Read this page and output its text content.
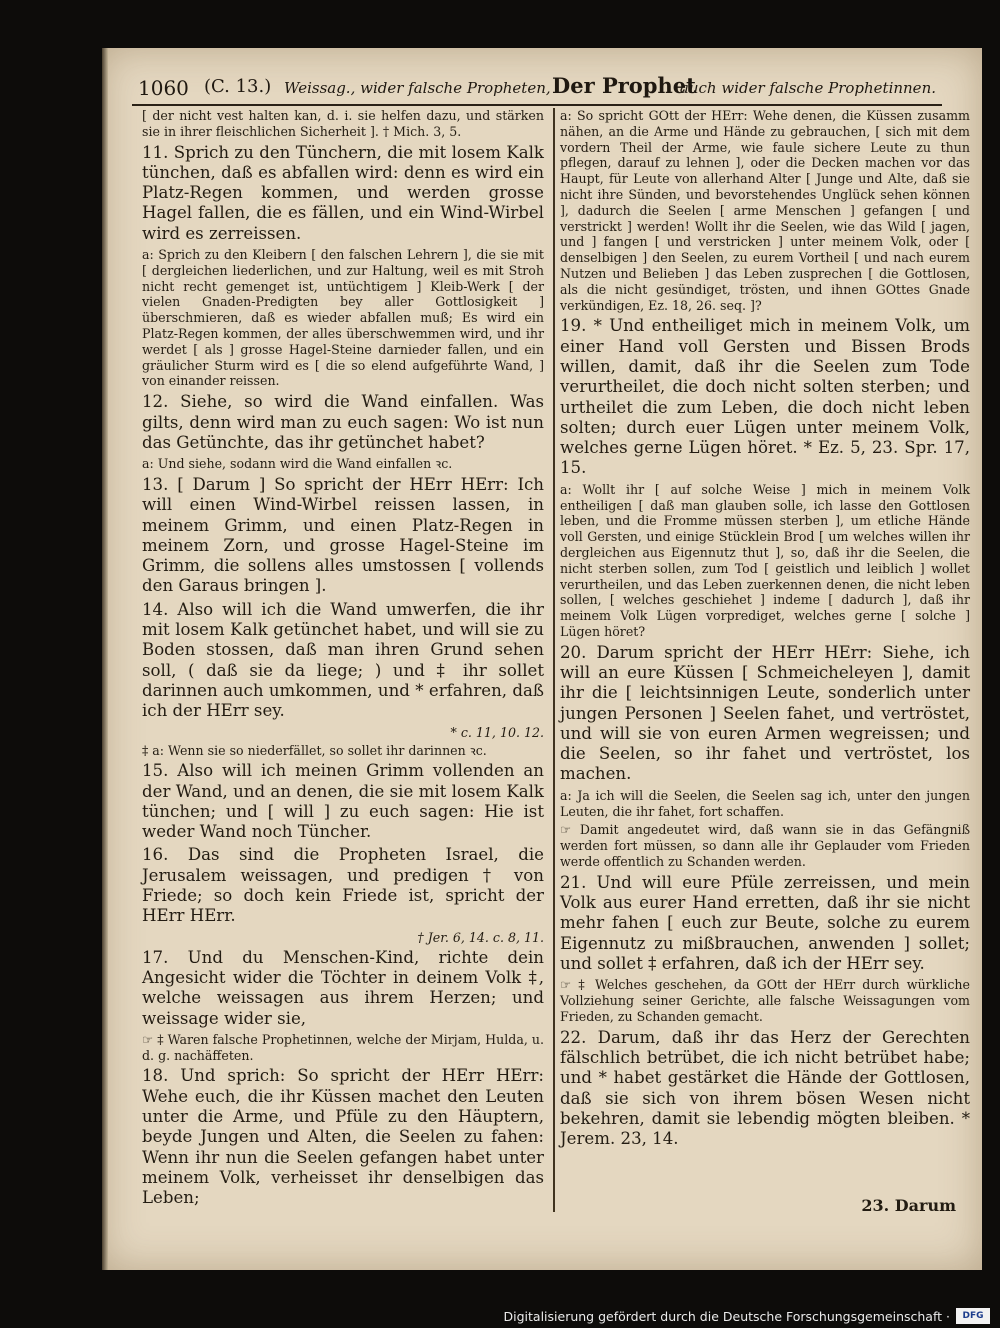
1060 (C. 13.) Weissag., wider falsche Propheten, Der Prophet
auch wider falsche Prophetinnen.

[ der nicht vest halten kan, d. i. sie helfen dazu, und stärken sie in ihrer fleischlichen Sicherheit ]. † Mich. 3, 5.

11. Sprich zu den Tünchern, die mit losem Kalk tünchen, daß es abfallen wird: denn es wird ein Platz-Regen kommen, und werden grosse Hagel fallen, die es fällen, und ein Wind-Wirbel wird es zerreissen.

a: Sprich zu den Kleibern [ den falschen Lehrern ], die sie mit [ dergleichen liederlichen, und zur Haltung, weil es mit Stroh nicht recht gemenget ist, untüchtigem ] Kleib-Werk [ der vielen Gnaden-Predigten bey aller Gottlosigkeit ] überschmieren, daß es wieder abfallen muß; Es wird ein Platz-Regen kommen, der alles überschwemmen wird, und ihr werdet [ als ] grosse Hagel-Steine darnieder fallen, und ein gräulicher Sturm wird es [ die so elend aufgeführte Wand, ] von einander reissen.

12. Siehe, so wird die Wand einfallen. Was gilts, denn wird man zu euch sagen: Wo ist nun das Getünchte, das ihr getünchet habet?

a: Und siehe, sodann wird die Wand einfallen ꝛc.

13. [ Darum ] So spricht der HErr HErr: Ich will einen Wind-Wirbel reissen lassen, in meinem Grimm, und einen Platz-Regen in meinem Zorn, und grosse Hagel-Steine im Grimm, die sollens alles umstossen [ vollends den Garaus bringen ].

14. Also will ich die Wand umwerfen, die ihr mit losem Kalk getünchet habet, und will sie zu Boden stossen, daß man ihren Grund sehen soll, ( daß sie da liege; ) und ‡ ihr sollet darinnen auch umkommen, und * erfahren, daß ich der HErr sey.

* c. 11, 10. 12.

‡ a: Wenn sie so niederfället, so sollet ihr darinnen ꝛc.

15. Also will ich meinen Grimm vollenden an der Wand, und an denen, die sie mit losem Kalk tünchen; und [ will ] zu euch sagen: Hie ist weder Wand noch Tüncher.

16. Das sind die Propheten Israel, die Jerusalem weissagen, und predigen † von Friede; so doch kein Friede ist, spricht der HErr HErr.

† Jer. 6, 14. c. 8, 11.

17. Und du Menschen-Kind, richte dein Angesicht wider die Töchter in deinem Volk ‡, welche weissagen aus ihrem Herzen; und weissage wider sie,

☞ ‡ Waren falsche Prophetinnen, welche der Mirjam, Hulda, u. d. g. nachäffeten.

18. Und sprich: So spricht der HErr HErr: Wehe euch, die ihr Küssen machet den Leuten unter die Arme, und Pfüle zu den Häuptern, beyde Jungen und Alten, die Seelen zu fahen: Wenn ihr nun die Seelen gefangen habet unter meinem Volk, verheisset ihr denselbigen das Leben;

a: So spricht GOtt der HErr: Wehe denen, die Küssen zusamm nähen, an die Arme und Hände zu gebrauchen, [ sich mit dem vordern Theil der Arme, wie faule sichere Leute zu thun pflegen, darauf zu lehnen ], oder die Decken machen vor das Haupt, für Leute von allerhand Alter [ Junge und Alte, daß sie nicht ihre Sünden, und bevorstehendes Unglück sehen können ], dadurch die Seelen [ arme Menschen ] gefangen [ und verstrickt ] werden! Wollt ihr die Seelen, wie das Wild [ jagen, und ] fangen [ und verstricken ] unter meinem Volk, oder [ denselbigen ] den Seelen, zu eurem Vortheil [ und nach eurem Nutzen und Belieben ] das Leben zusprechen [ die Gottlosen, als die nicht gesündiget, trösten, und ihnen GOttes Gnade verkündigen, Ez. 18, 26. seq. ]?

19. * Und entheiliget mich in meinem Volk, um einer Hand voll Gersten und Bissen Brods willen, damit, daß ihr die Seelen zum Tode verurtheilet, die doch nicht solten sterben; und urtheilet die zum Leben, die doch nicht leben solten; durch euer Lügen unter meinem Volk, welches gerne Lügen höret. * Ez. 5, 23. Spr. 17, 15.

a: Wollt ihr [ auf solche Weise ] mich in meinem Volk entheiligen [ daß man glauben solle, ich lasse den Gottlosen leben, und die Fromme müssen sterben ], um etliche Hände voll Gersten, und einige Stücklein Brod [ um welches willen ihr dergleichen aus Eigennutz thut ], so, daß ihr die Seelen, die nicht sterben sollen, zum Tod [ geistlich und leiblich ] wollet verurtheilen, und das Leben zuerkennen denen, die nicht leben sollen, [ welches geschiehet ] indeme [ dadurch ], daß ihr meinem Volk Lügen vorprediget, welches gerne [ solche ] Lügen höret?

20. Darum spricht der HErr HErr: Siehe, ich will an eure Küssen [ Schmeicheleyen ], damit ihr die [ leichtsinnigen Leute, sonderlich unter jungen Personen ] Seelen fahet, und vertröstet, und will sie von euren Armen wegreissen; und die Seelen, so ihr fahet und vertröstet, los machen.

a: Ja ich will die Seelen, die Seelen sag ich, unter den jungen Leuten, die ihr fahet, fort schaffen.

☞ Damit angedeutet wird, daß wann sie in das Gefängniß werden fort müssen, so dann alle ihr Geplauder vom Frieden werde offentlich zu Schanden werden.

21. Und will eure Pfüle zerreissen, und mein Volk aus eurer Hand erretten, daß ihr sie nicht mehr fahen [ euch zur Beute, solche zu eurem Eigennutz zu mißbrauchen, anwenden ] sollet; und sollet ‡ erfahren, daß ich der HErr sey.

☞ ‡ Welches geschehen, da GOtt der HErr durch würkliche Vollziehung seiner Gerichte, alle falsche Weissagungen vom Frieden, zu Schanden gemacht.

22. Darum, daß ihr das Herz der Gerechten fälschlich betrübet, die ich nicht betrübet habe; und * habet gestärket die Hände der Gottlosen, daß sie sich von ihrem bösen Wesen nicht bekehren, damit sie lebendig mögten bleiben. * Jerem. 23, 14.

23. Darum
Digitalisierung gefördert durch die Deutsche Forschungsgemeinschaft ·	DFG
